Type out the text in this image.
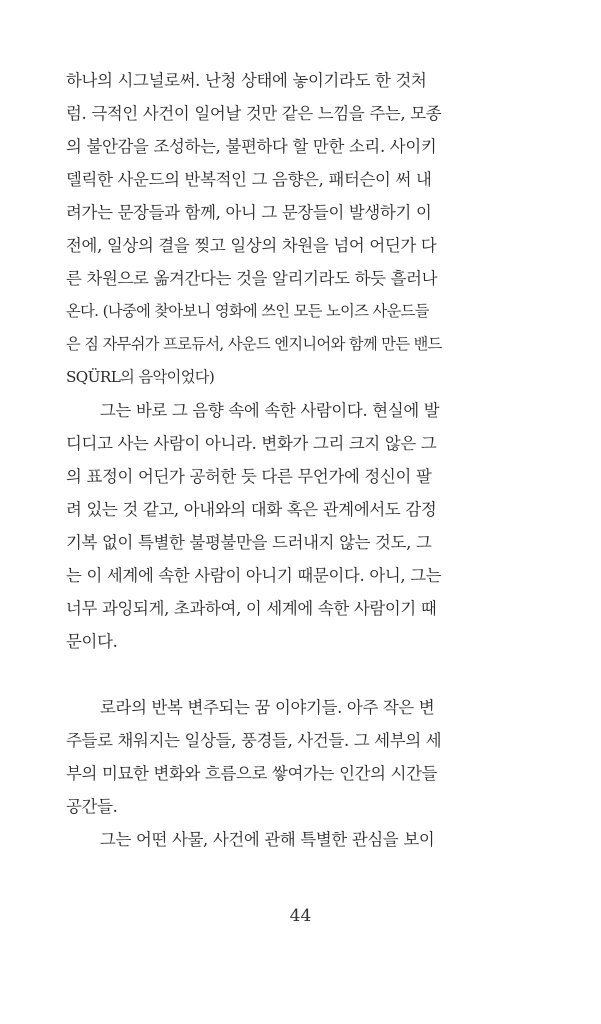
하나의 시그널로써. 난청 상태에 놓이기라도 한 것처
럼. 극적인 사건이 일어날 것만 같은 느낌을 주는, 모종
의 불안감을 조성하는, 불편하다 할 만한 소리. 사이키
델릭한 사운드의 반복적인 그 음향은, 패터슨이 써 내
려가는 문장들과 함께, 아니 그 문장들이 발생하기 이
전에, 일상의 결을 찢고 일상의 차원을 넘어 어딘가 다
른 차원으로 옮겨간다는 것을 알리기라도 하듯 흘러나
온다. (나중에 찾아보니 영화에 쓰인 모든 노이즈 사운드들
은 짐 자무쉬가 프로듀서, 사운드 엔지니어와 함께 만든 밴드
SQÜRL의 음악이었다)
그는 바로 그 음향 속에 속한 사람이다. 현실에 발
디디고 사는 사람이 아니라. 변화가 그리 크지 않은 그
의 표정이 어딘가 공허한 듯 다른 무언가에 정신이 팔
려 있는 것 같고, 아내와의 대화 혹은 관계에서도 감정
기복 없이 특별한 불평불만을 드러내지 않는 것도, 그
는 이 세계에 속한 사람이 아니기 때문이다. 아니, 그는
너무 과잉되게, 초과하여, 이 세계에 속한 사람이기 때
문이다.
로라의 반복 변주되는 꿈 이야기들. 아주 작은 변
주들로 채워지는 일상들, 풍경들, 사건들. 그 세부의 세
부의 미묘한 변화와 흐름으로 쌓여가는 인간의 시간들
공간들.
그는 어떤 사물, 사건에 관해 특별한 관심을 보이
44
